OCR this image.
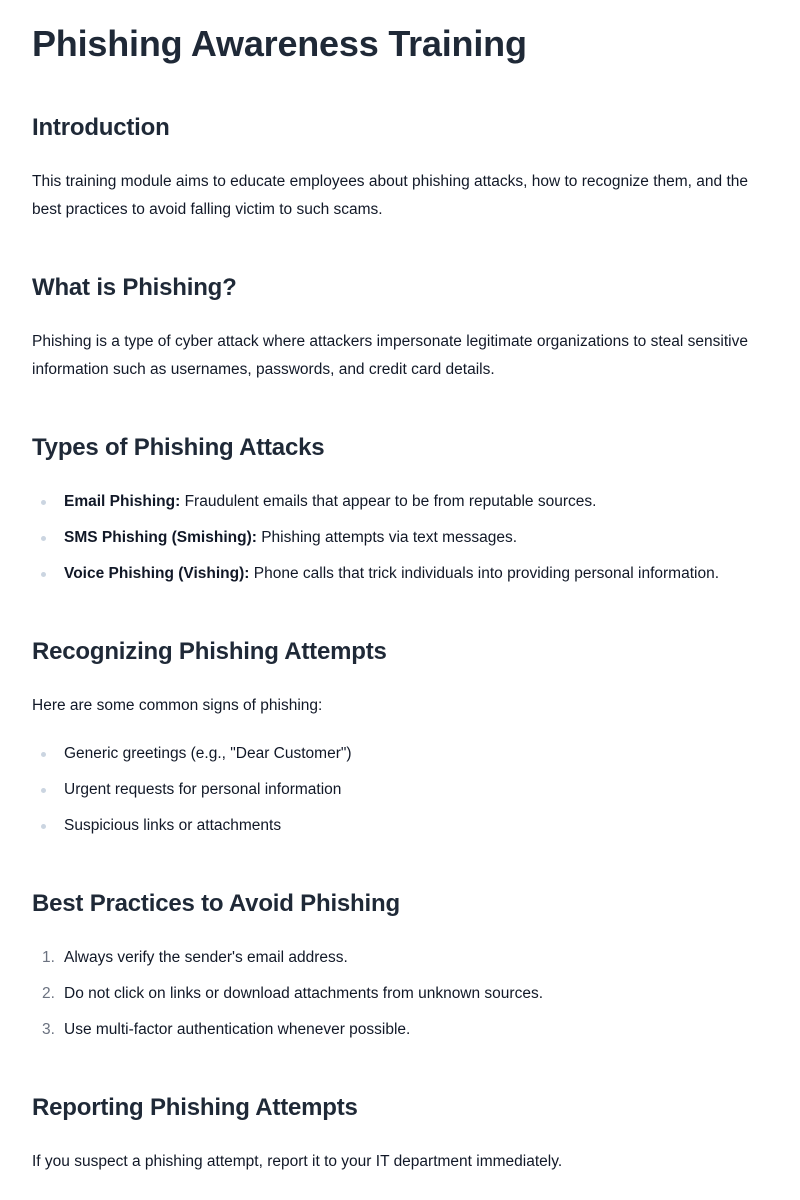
Phishing Awareness Training
Introduction

This training module aims to educate employees about phishing attacks, how to recognize them, and the best practices to avoid falling victim to such scams.

What is Phishing?

Phishing is a type of cyber attack where attackers impersonate legitimate organizations to steal sensitive information such as usernames, passwords, and credit card details.

Types of Phishing Attacks
Email Phishing: Fraudulent emails that appear to be from reputable sources.
SMS Phishing (Smishing): Phishing attempts via text messages.
Voice Phishing (Vishing): Phone calls that trick individuals into providing personal information.
Recognizing Phishing Attempts

Here are some common signs of phishing:

Generic greetings (e.g., "Dear Customer")
Urgent requests for personal information
Suspicious links or attachments
Best Practices to Avoid Phishing
1. Always verify the sender's email address.
2. Do not click on links or download attachments from unknown sources.
3. Use multi-factor authentication whenever possible.
Reporting Phishing Attempts

If you suspect a phishing attempt, report it to your IT department immediately.
